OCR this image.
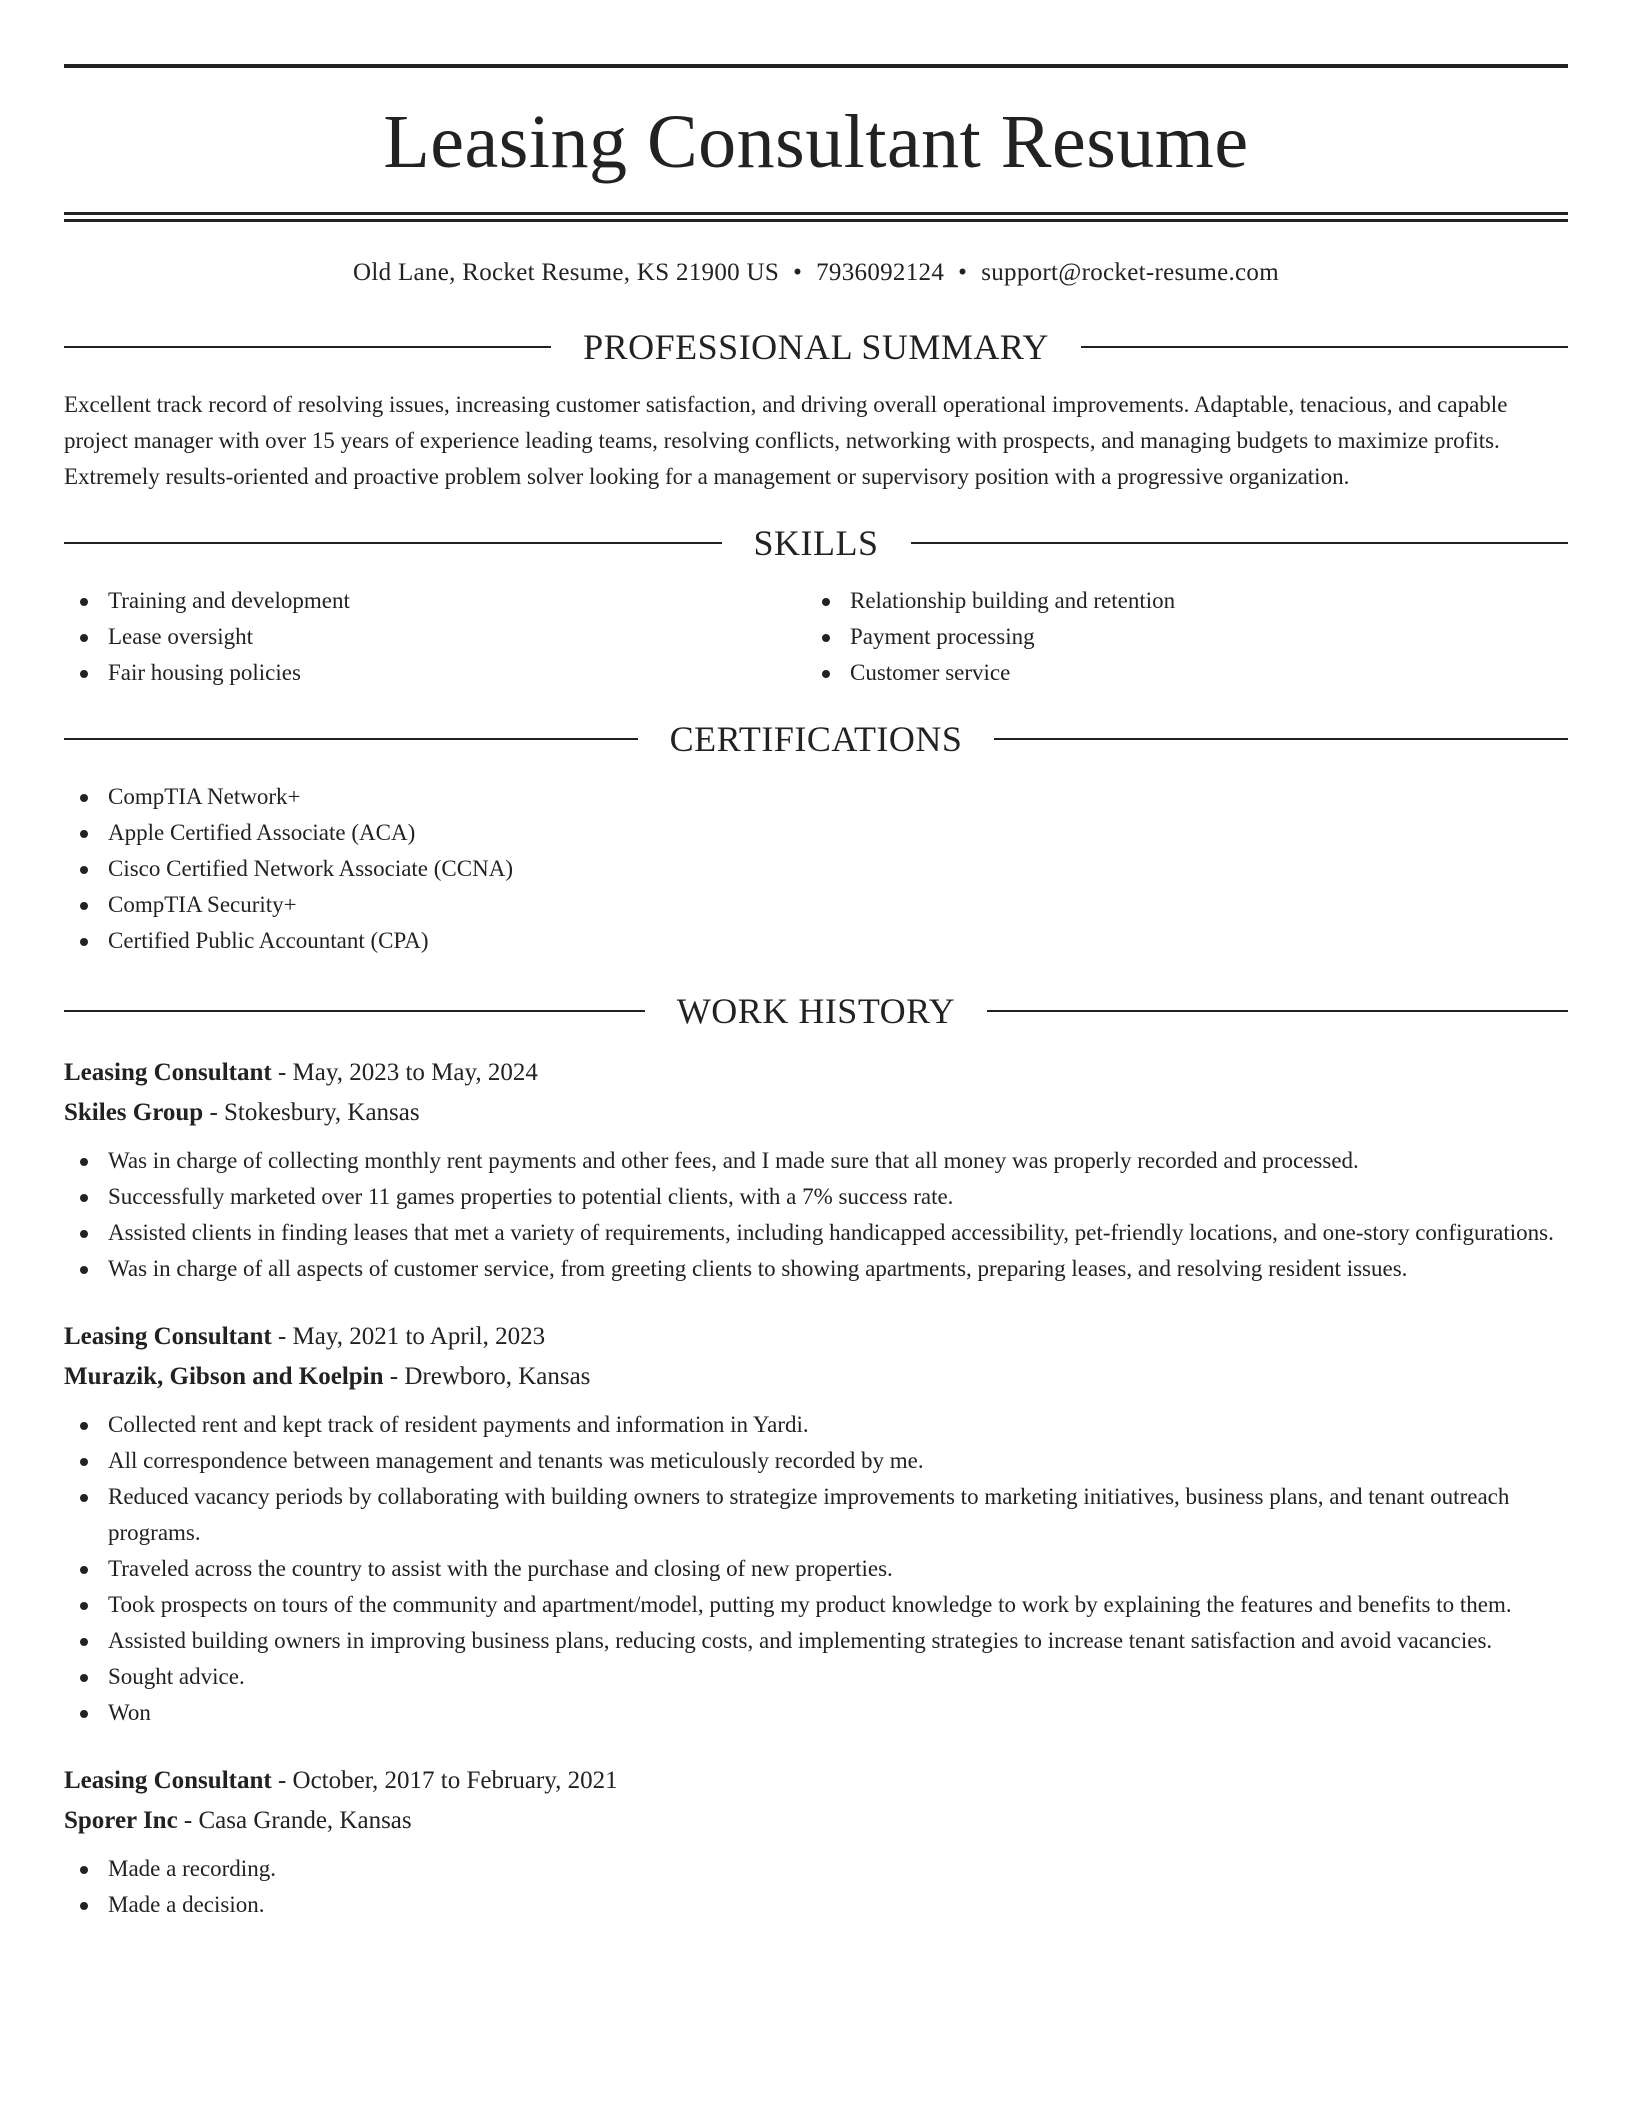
Leasing Consultant Resume
Old Lane, Rocket Resume, KS 21900 US • 7936092124 • support@rocket-resume.com
PROFESSIONAL SUMMARY
Excellent track record of resolving issues, increasing customer satisfaction, and driving overall operational improvements. Adaptable, tenacious, and capable project manager with over 15 years of experience leading teams, resolving conflicts, networking with prospects, and managing budgets to maximize profits. Extremely results-oriented and proactive problem solver looking for a management or supervisory position with a progressive organization.
SKILLS
Training and development
Lease oversight
Fair housing policies
Relationship building and retention
Payment processing
Customer service
CERTIFICATIONS
CompTIA Network+
Apple Certified Associate (ACA)
Cisco Certified Network Associate (CCNA)
CompTIA Security+
Certified Public Accountant (CPA)
WORK HISTORY
Leasing Consultant - May, 2023 to May, 2024
Skiles Group - Stokesbury, Kansas
Was in charge of collecting monthly rent payments and other fees, and I made sure that all money was properly recorded and processed.
Successfully marketed over 11 games properties to potential clients, with a 7% success rate.
Assisted clients in finding leases that met a variety of requirements, including handicapped accessibility, pet-friendly locations, and one-story configurations.
Was in charge of all aspects of customer service, from greeting clients to showing apartments, preparing leases, and resolving resident issues.
Leasing Consultant - May, 2021 to April, 2023
Murazik, Gibson and Koelpin - Drewboro, Kansas
Collected rent and kept track of resident payments and information in Yardi.
All correspondence between management and tenants was meticulously recorded by me.
Reduced vacancy periods by collaborating with building owners to strategize improvements to marketing initiatives, business plans, and tenant outreach programs.
Traveled across the country to assist with the purchase and closing of new properties.
Took prospects on tours of the community and apartment/model, putting my product knowledge to work by explaining the features and benefits to them.
Assisted building owners in improving business plans, reducing costs, and implementing strategies to increase tenant satisfaction and avoid vacancies.
Sought advice.
Won
Leasing Consultant - October, 2017 to February, 2021
Sporer Inc - Casa Grande, Kansas
Made a recording.
Made a decision.
